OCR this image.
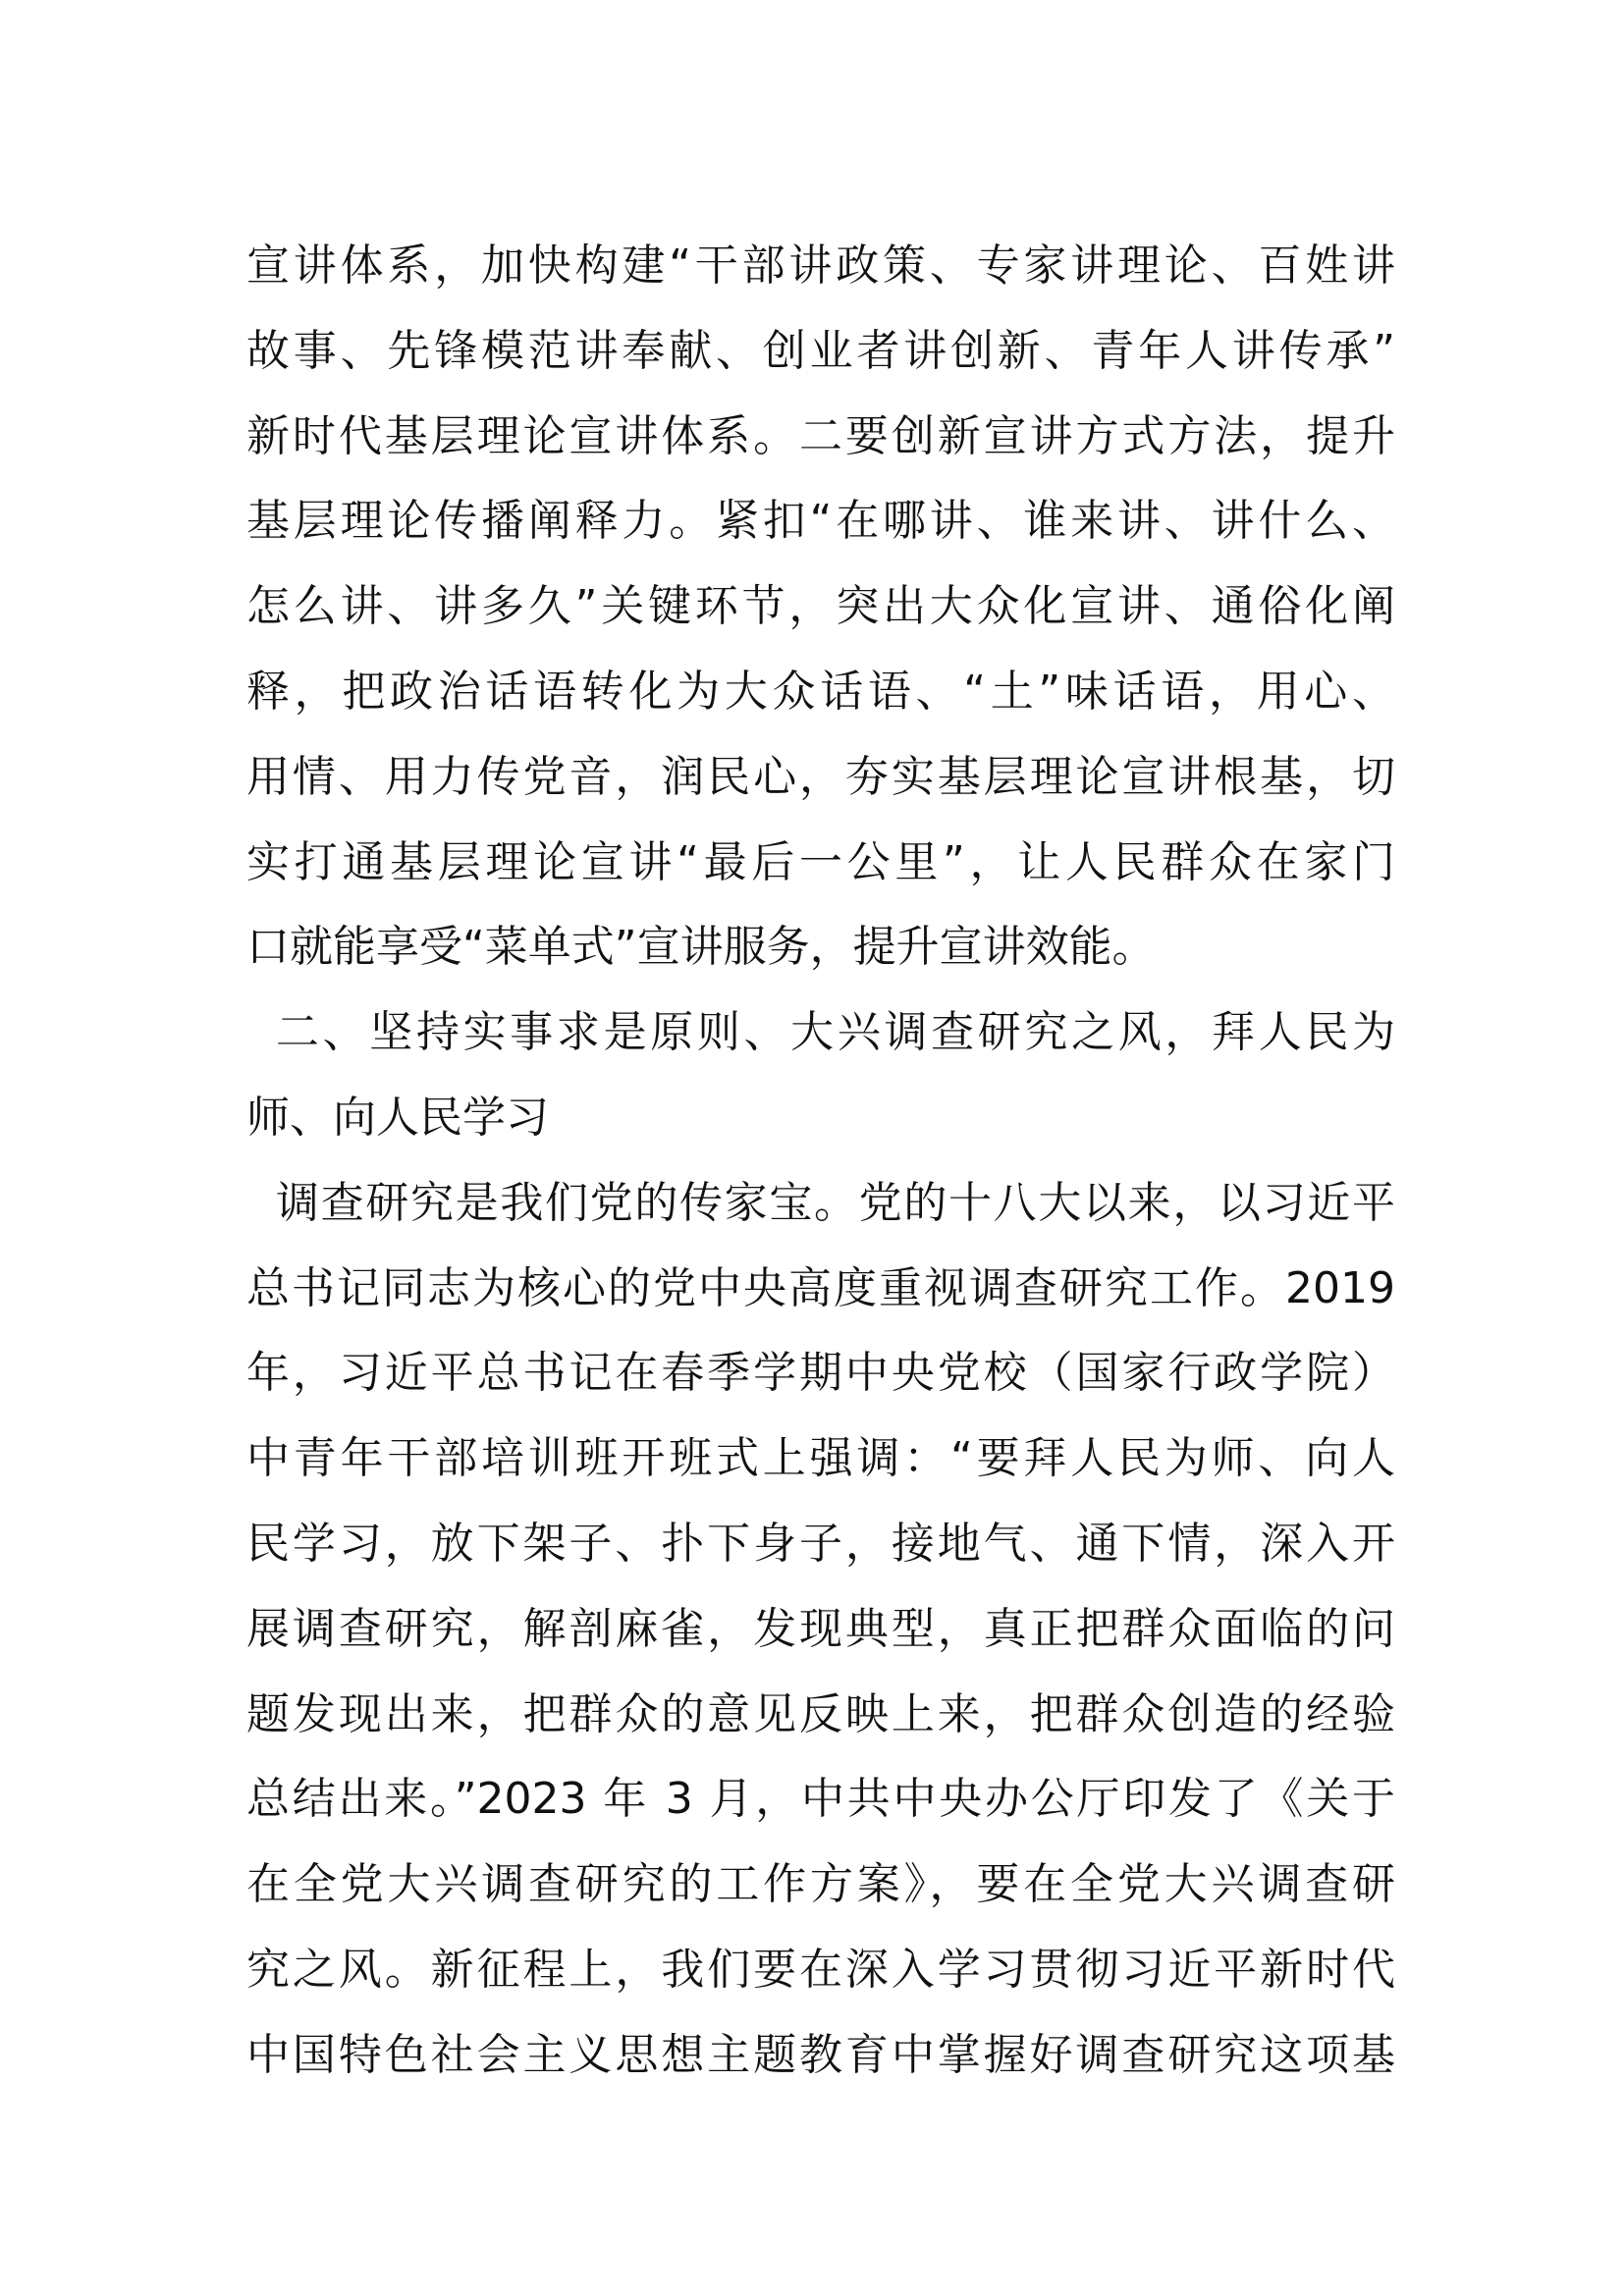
宣讲体系，加快构建“干部讲政策、专家讲理论、百姓讲
故事、先锋模范讲奉献、创业者讲创新、青年人讲传承”
新时代基层理论宣讲体系。二要创新宣讲方式方法，提升
基层理论传播阐释力。紧扣“在哪讲、谁来讲、讲什么、
怎么讲、讲多久”关键环节，突出大众化宣讲、通俗化阐
释，把政治话语转化为大众话语、“土”味话语，用心、
用情、用力传党音，润民心，夯实基层理论宣讲根基，切
实打通基层理论宣讲“最后一公里”，让人民群众在家门
口就能享受“菜单式”宣讲服务，提升宣讲效能。
二、坚持实事求是原则、大兴调查研究之风，拜人民为
师、向人民学习
调查研究是我们党的传家宝。党的十八大以来，以习近平
总书记同志为核心的党中央高度重视调查研究工作。2019
年，习近平总书记在春季学期中央党校（国家行政学院）
中青年干部培训班开班式上强调：“要拜人民为师、向人
民学习，放下架子、扑下身子，接地气、通下情，深入开
展调查研究，解剖麻雀，发现典型，真正把群众面临的问
题发现出来，把群众的意见反映上来，把群众创造的经验
总结出来。”2023 年 3 月，中共中央办公厅印发了《关于
在全党大兴调查研究的工作方案》，要在全党大兴调查研
究之风。新征程上，我们要在深入学习贯彻习近平新时代
中国特色社会主义思想主题教育中掌握好调查研究这项基
